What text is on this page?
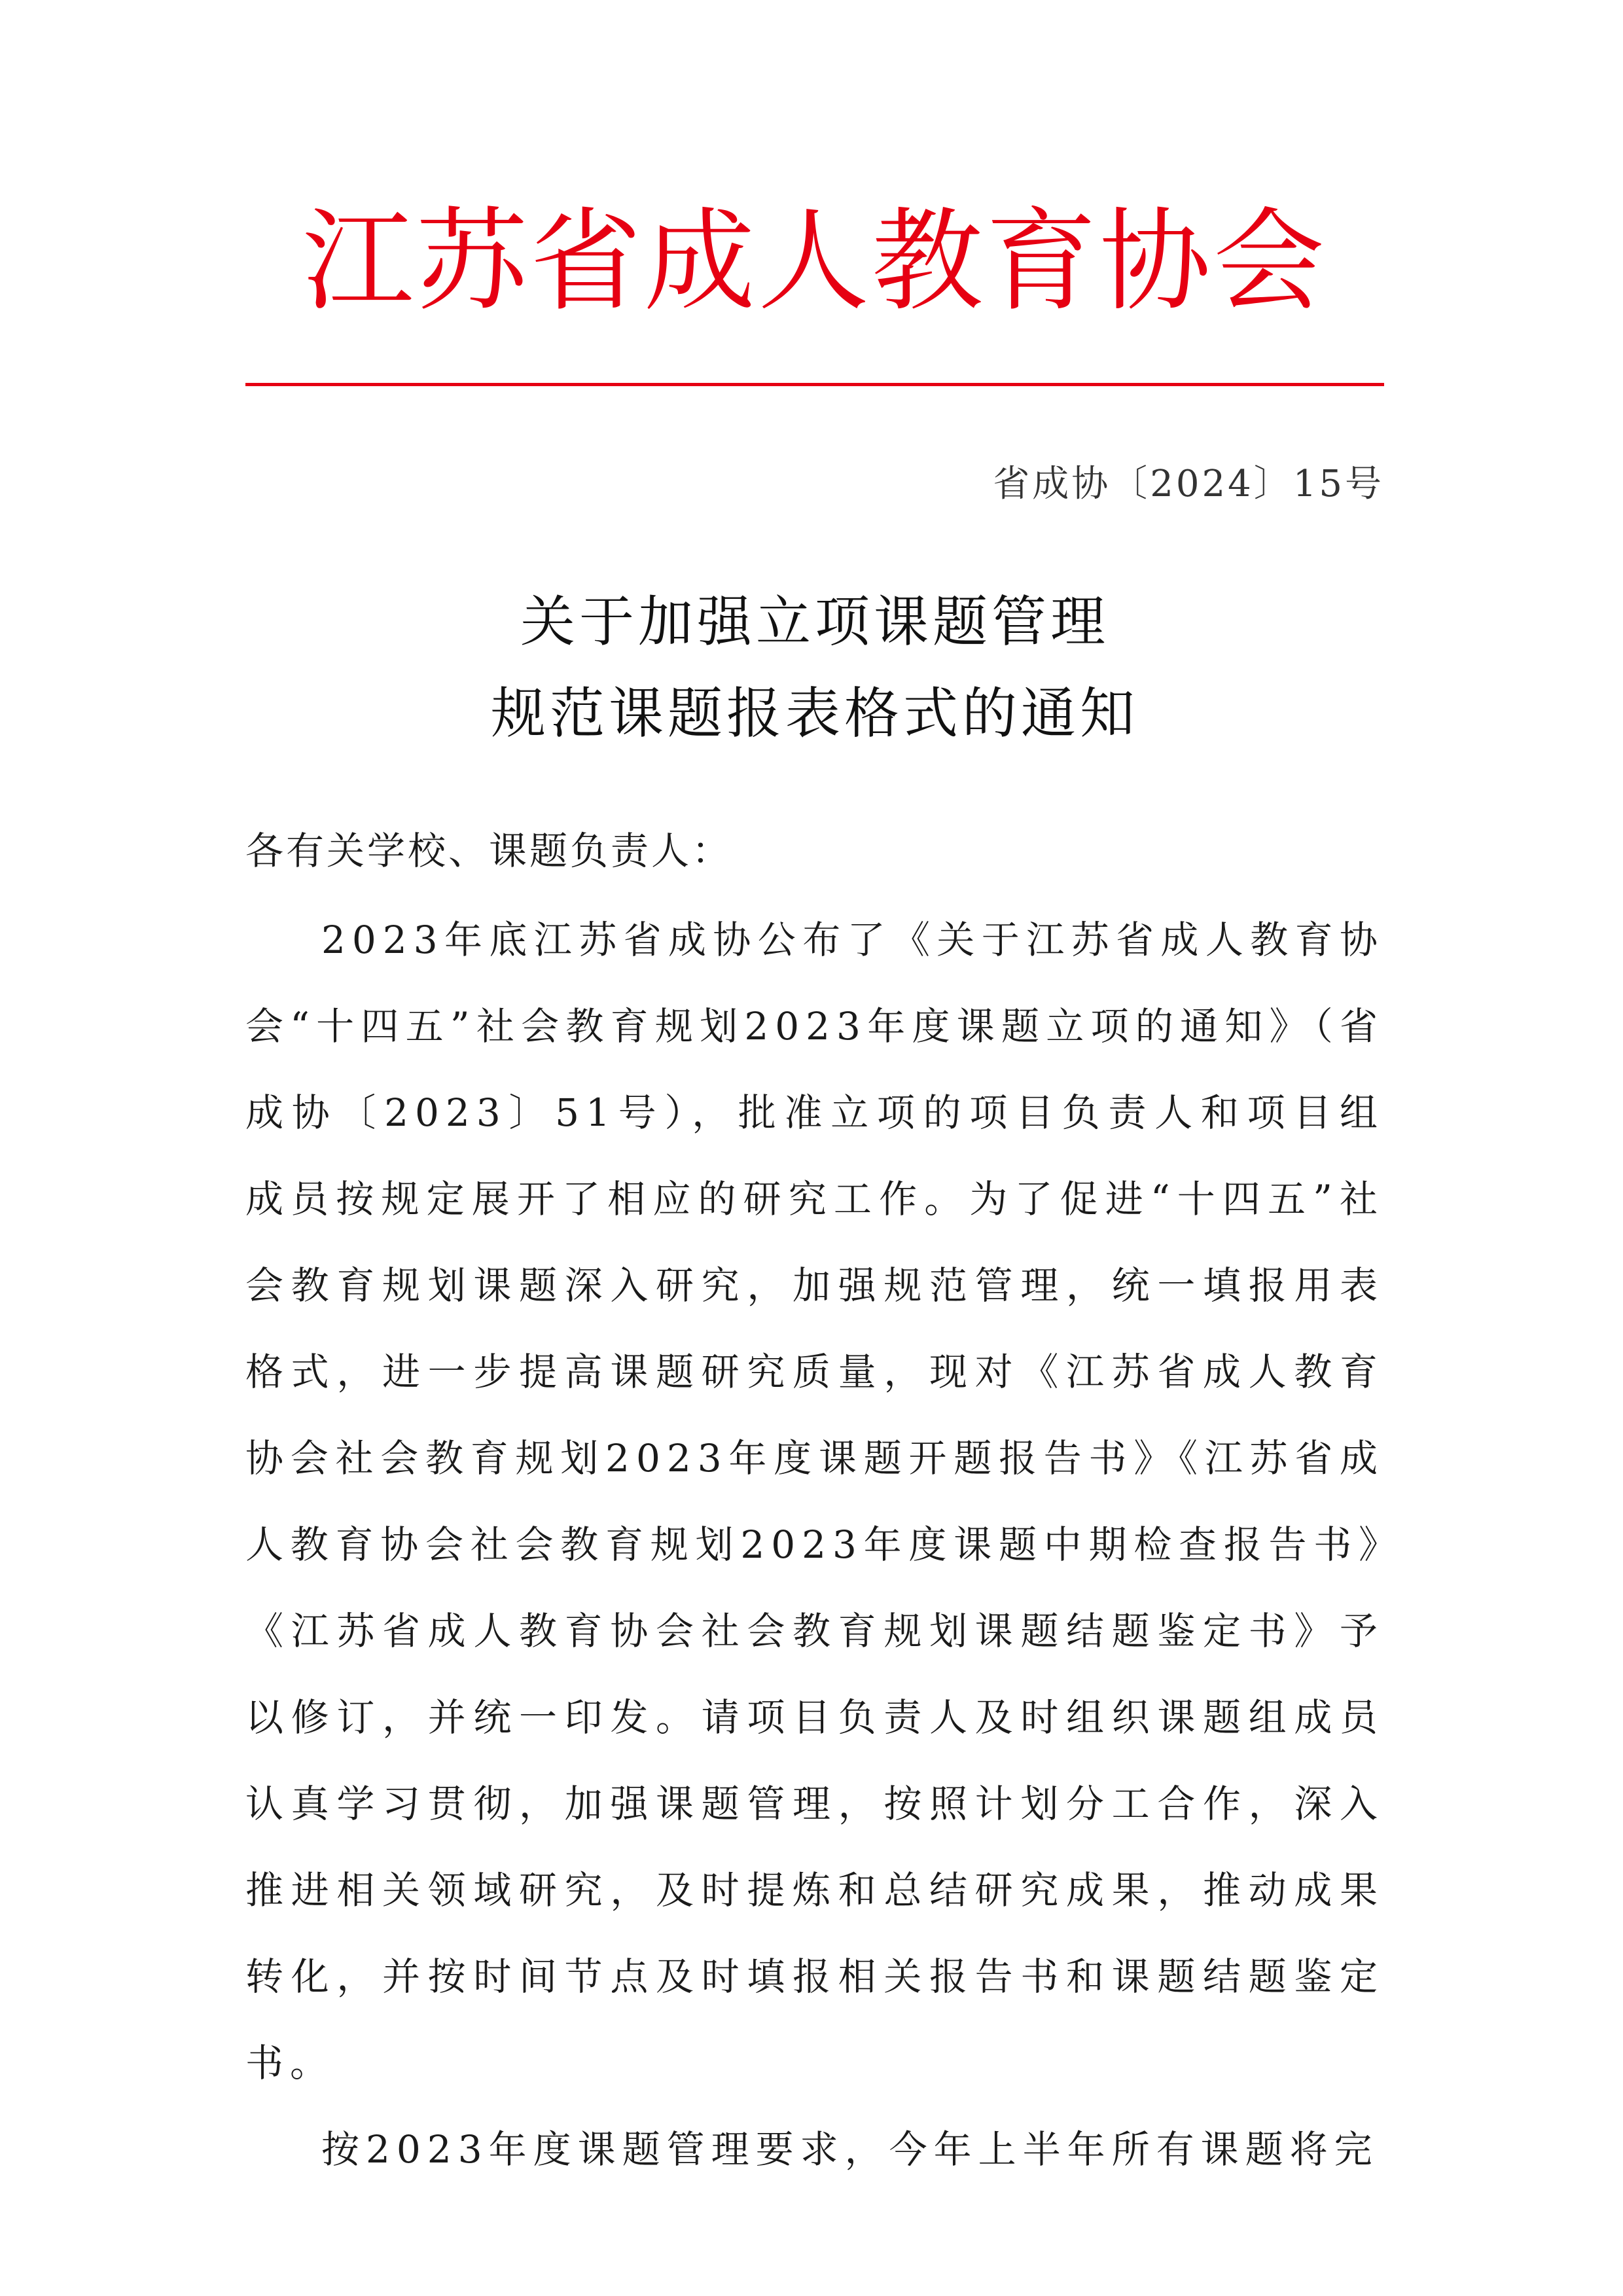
江苏省成人教育协会
省成协〔2024〕15号
关于加强立项课题管理
规范课题报表格式的通知
各有关学校、课题负责人：

2023年底江苏省成协公布了《关于江苏省成人教育协会“十四五”社会教育规划2023年度课题立项的通知》（省成协〔2023〕51号），批准立项的项目负责人和项目组成员按规定展开了相应的研究工作。为了促进“十四五”社会教育规划课题深入研究，加强规范管理，统一填报用表格式，进一步提高课题研究质量，现对《江苏省成人教育协会社会教育规划2023年度课题开题报告书》《江苏省成人教育协会社会教育规划2023年度课题中期检查报告书》《江苏省成人教育协会社会教育规划课题结题鉴定书》予以修订，并统一印发。请项目负责人及时组织课题组成员认真学习贯彻，加强课题管理，按照计划分工合作，深入推进相关领域研究，及时提炼和总结研究成果，推动成果转化，并按时间节点及时填报相关报告书和课题结题鉴定书。

按2023年度课题管理要求，今年上半年所有课题将完
